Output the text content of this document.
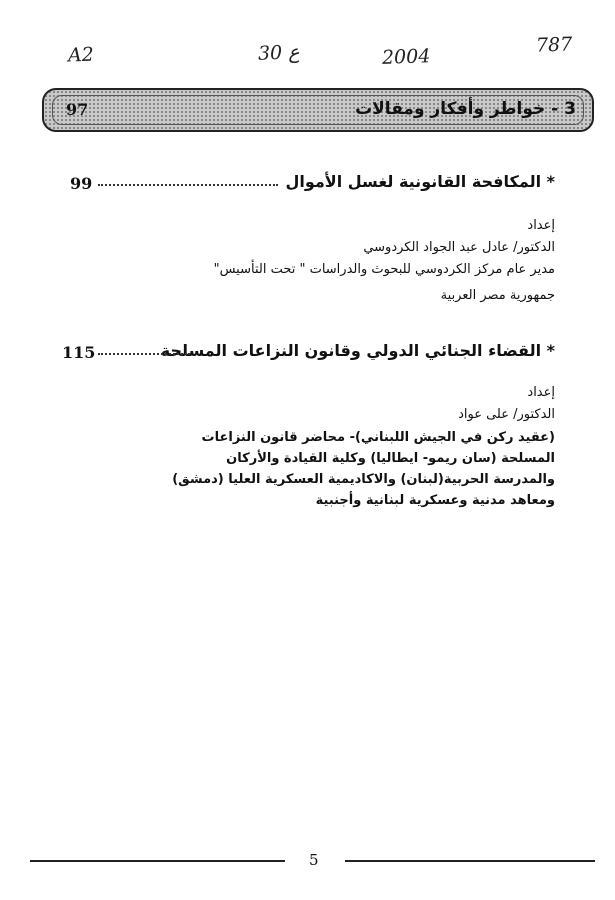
A2	30 ع	2004
787
3 - خواطر وأفكار ومقالات
97
* المكافحة القانونية لغسل الأموال
99
إعداد
الدكتور/ عادل عبد الجواد الكردوسي
مدير عام مركز الكردوسي للبحوث والدراسات " تحت التأسيس"
جمهورية مصر العربية
* القضاء الجنائي الدولي وقانون النزاعات المسلحة
115
إعداد
الدكتور/ على عواد
(عقيد ركن في الجيش اللبناني)- محاضر قانون النزاعات
المسلحة (سان ريمو- ايطاليا) وكلية القيادة والأركان
والمدرسة الحربية(لبنان) والاكاديمية العسكرية العليا (دمشق)
ومعاهد مدنية وعسكرية لبنانية وأجنبية
5
